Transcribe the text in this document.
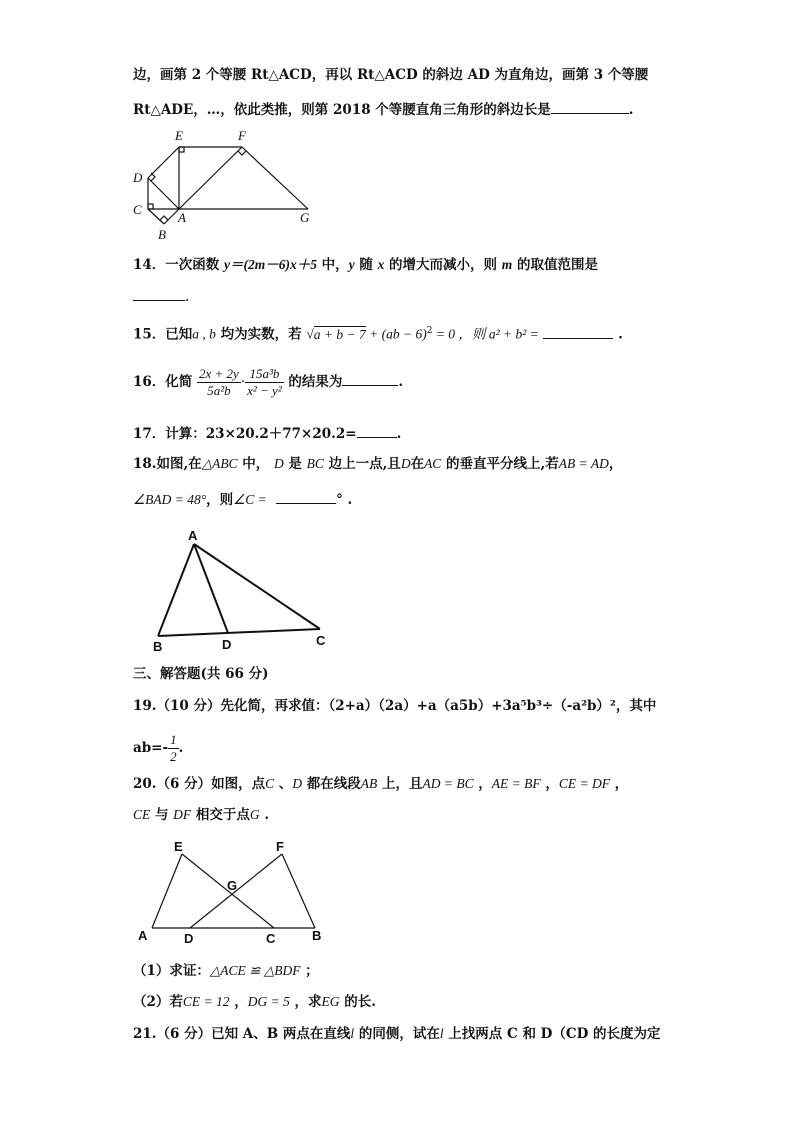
边，画第 2 个等腰 Rt△ACD，再以 Rt△ACD 的斜边 AD 为直角边，画第 3 个等腰
Rt△ADE，…，依此类推，则第 2018 个等腰直角三角形的斜边长是	.
E	F
D
C
A	G
B
14．一次函数 y＝(2m－6)x＋5 中，y 随 x 的增大而减小，则 m 的取值范围是
.
15．已知a , b 均为实数，若 √a + b − 7 + (ab − 6)$^2$ = 0 ，则 a² + b² =	.
16．化简 $\frac{2x + 2y}{\text{5a²b}} \cdot \frac{\text{15a³b}}{\text{x² − y²}}$ 的结果为	.
17．计算：23×20.2＋77×20.2=	.
18.如图,在△ABC 中， D 是 BC 边上一点,且D在AC 的垂直平分线上,若AB = AD，
∠BAD = 48°，则∠C =	° .
A
B	D	C
三、解答题(共 66 分)
19.（10 分）先化简，再求值：（2+a）（2a）+a（a5b）+3a⁵b³÷（-a²b）²，其中
$ab=- \frac{1}{2}$ .
20.（6 分）如图，点C 、D 都在线段AB 上，且AD = BC ，AE = BF ，CE = DF ，
CE 与 DF 相交于点G .
E	F
G
A	D	C	B
（1）求证：△ACE ≌ △BDF ；
（2）若CE = 12 ，DG = 5 ，求EG 的长.
21.（6 分）已知 A、B 两点在直线l 的同侧，试在l 上找两点 C 和 D（CD 的长度为定
